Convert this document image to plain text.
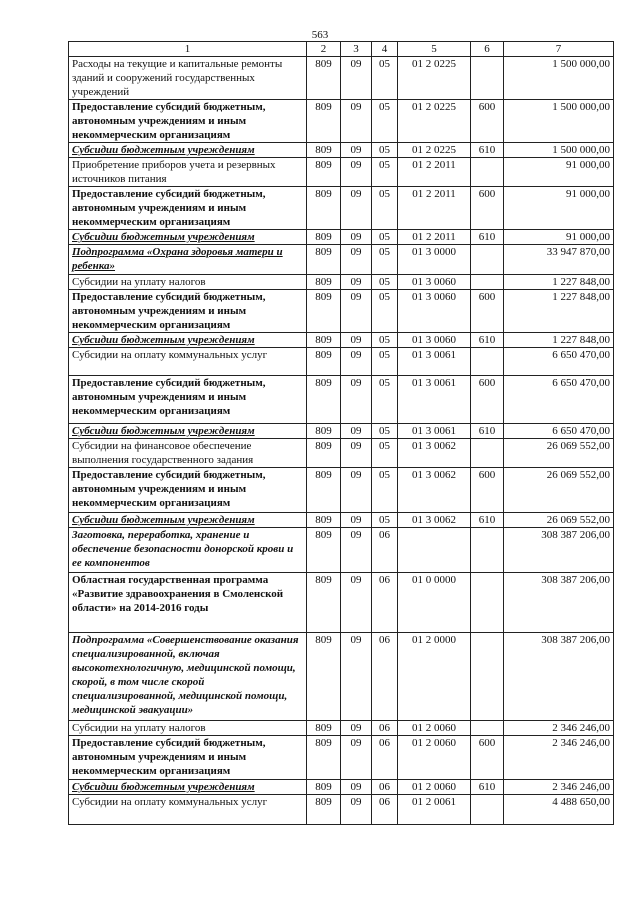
563
1	2	3	4	5	6	7
Расходы на текущие и капитальные ремонты зданий и сооружений государственных учреждений	809	09	05	01 2 0225		1 500 000,00
Предоставление субсидий бюджетным, автономным учреждениям и иным некоммерческим организациям	809	09	05	01 2 0225	600	1 500 000,00
Субсидии бюджетным учреждениям	809	09	05	01 2 0225	610	1 500 000,00
Приобретение приборов учета и резервных источников питания	809	09	05	01 2 2011		91 000,00
Предоставление субсидий бюджетным, автономным учреждениям и иным некоммерческим организациям	809	09	05	01 2 2011	600	91 000,00
Субсидии бюджетным учреждениям	809	09	05	01 2 2011	610	91 000,00
Подпрограмма «Охрана здоровья матери и ребенка»	809	09	05	01 3 0000		33 947 870,00
Субсидии на уплату налогов	809	09	05	01 3 0060		1 227 848,00
Предоставление субсидий бюджетным, автономным учреждениям и иным некоммерческим организациям	809	09	05	01 3 0060	600	1 227 848,00
Субсидии бюджетным учреждениям	809	09	05	01 3 0060	610	1 227 848,00
Субсидии на оплату коммунальных услуг	809	09	05	01 3 0061		6 650 470,00
Предоставление субсидий бюджетным, автономным учреждениям и иным некоммерческим организациям	809	09	05	01 3 0061	600	6 650 470,00
Субсидии бюджетным учреждениям	809	09	05	01 3 0061	610	6 650 470,00
Субсидии на финансовое обеспечение выполнения государственного задания	809	09	05	01 3 0062		26 069 552,00
Предоставление субсидий бюджетным, автономным учреждениям и иным некоммерческим организациям	809	09	05	01 3 0062	600	26 069 552,00
Субсидии бюджетным учреждениям	809	09	05	01 3 0062	610	26 069 552,00
Заготовка, переработка, хранение и обеспечение безопасности донорской крови и ее компонентов	809	09	06			308 387 206,00
Областная государственная программа «Развитие здравоохранения в Смоленской области» на 2014-2016 годы	809	09	06	01 0 0000		308 387 206,00
Подпрограмма «Совершенствование оказания специализированной, включая высокотехнологичную, медицинской помощи, скорой, в том числе скорой специализированной, медицинской помощи, медицинской эвакуации»	809	09	06	01 2 0000		308 387 206,00
Субсидии на уплату налогов	809	09	06	01 2 0060		2 346 246,00
Предоставление субсидий бюджетным, автономным учреждениям и иным некоммерческим организациям	809	09	06	01 2 0060	600	2 346 246,00
Субсидии бюджетным учреждениям	809	09	06	01 2 0060	610	2 346 246,00
Субсидии на оплату коммунальных услуг	809	09	06	01 2 0061		4 488 650,00
